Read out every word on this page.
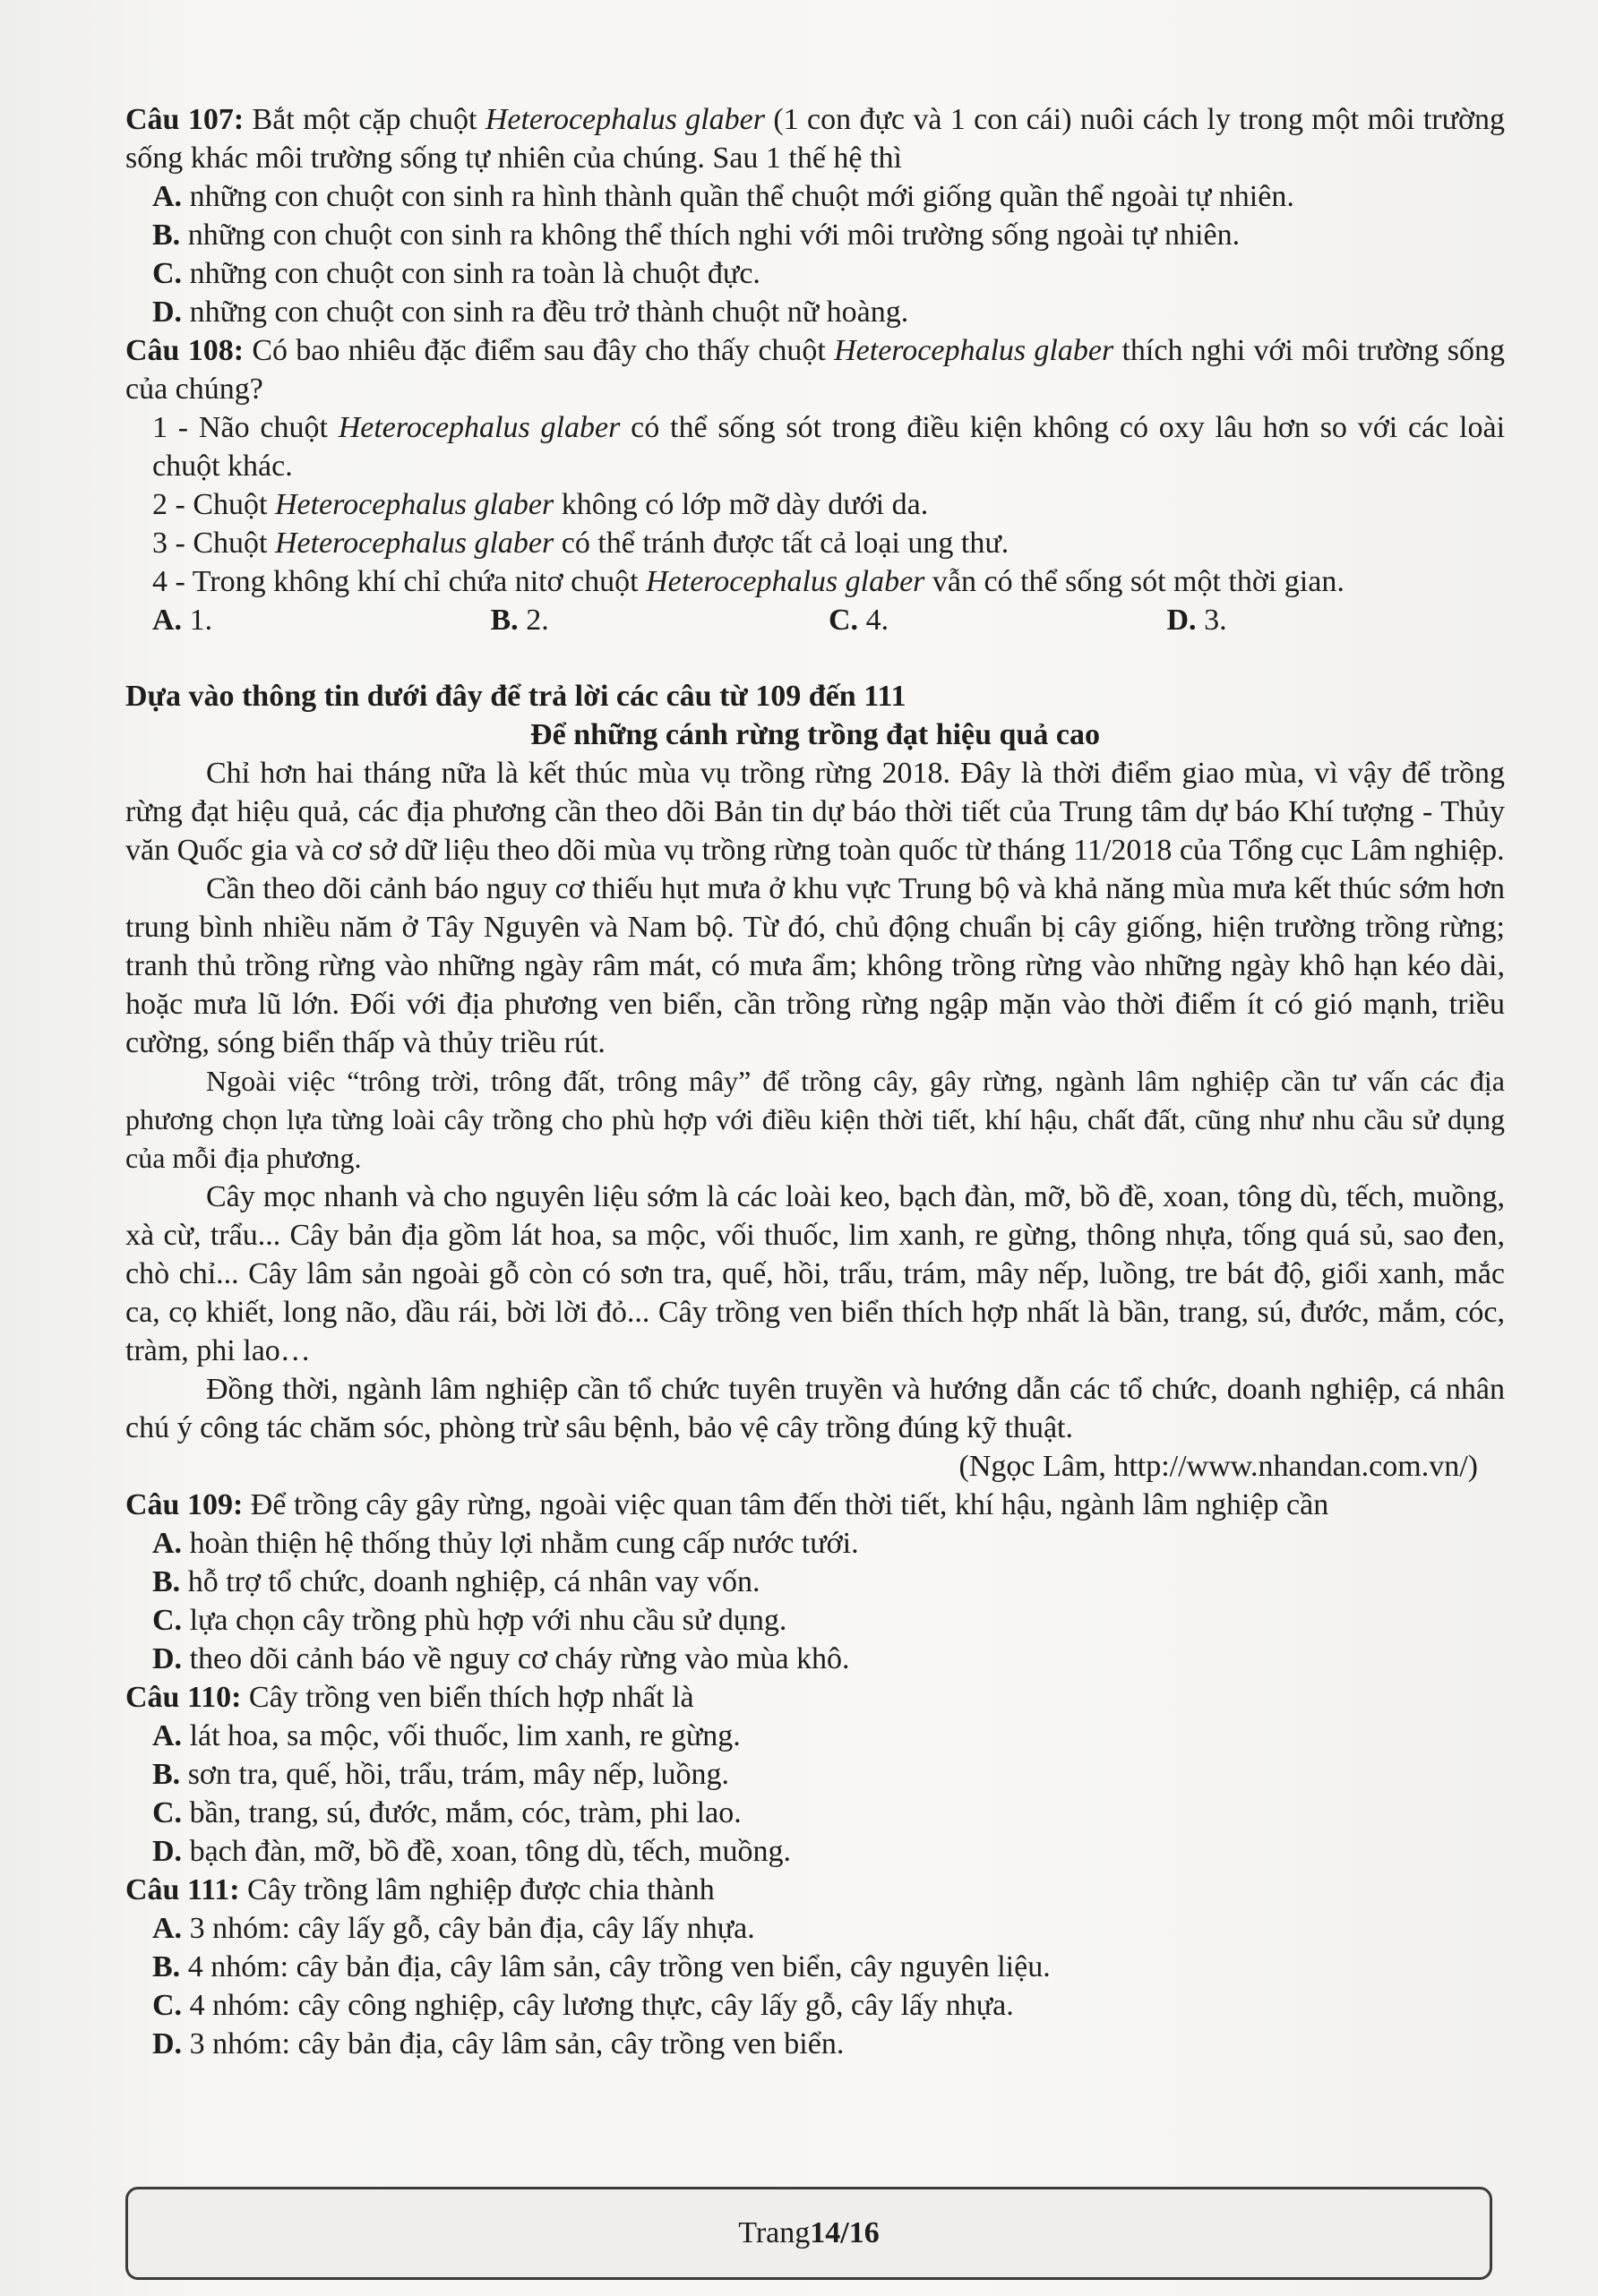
Câu 107: Bắt một cặp chuột Heterocephalus glaber (1 con đực và 1 con cái) nuôi cách ly trong một môi trường sống khác môi trường sống tự nhiên của chúng. Sau 1 thế hệ thì

A. những con chuột con sinh ra hình thành quần thể chuột mới giống quần thể ngoài tự nhiên.

B. những con chuột con sinh ra không thể thích nghi với môi trường sống ngoài tự nhiên.

C. những con chuột con sinh ra toàn là chuột đực.

D. những con chuột con sinh ra đều trở thành chuột nữ hoàng.

Câu 108: Có bao nhiêu đặc điểm sau đây cho thấy chuột Heterocephalus glaber thích nghi với môi trường sống của chúng?

1 - Não chuột Heterocephalus glaber có thể sống sót trong điều kiện không có oxy lâu hơn so với các loài chuột khác.

2 - Chuột Heterocephalus glaber không có lớp mỡ dày dưới da.

3 - Chuột Heterocephalus glaber có thể tránh được tất cả loại ung thư.

4 - Trong không khí chỉ chứa nitơ chuột Heterocephalus glaber vẫn có thể sống sót một thời gian.

A. 1.	B. 2.	C. 4.	D. 3.

Dựa vào thông tin dưới đây để trả lời các câu từ 109 đến 111

Để những cánh rừng trồng đạt hiệu quả cao

Chỉ hơn hai tháng nữa là kết thúc mùa vụ trồng rừng 2018. Đây là thời điểm giao mùa, vì vậy để trồng rừng đạt hiệu quả, các địa phương cần theo dõi Bản tin dự báo thời tiết của Trung tâm dự báo Khí tượng - Thủy văn Quốc gia và cơ sở dữ liệu theo dõi mùa vụ trồng rừng toàn quốc từ tháng 11/2018 của Tổng cục Lâm nghiệp.

Cần theo dõi cảnh báo nguy cơ thiếu hụt mưa ở khu vực Trung bộ và khả năng mùa mưa kết thúc sớm hơn trung bình nhiều năm ở Tây Nguyên và Nam bộ. Từ đó, chủ động chuẩn bị cây giống, hiện trường trồng rừng; tranh thủ trồng rừng vào những ngày râm mát, có mưa ẩm; không trồng rừng vào những ngày khô hạn kéo dài, hoặc mưa lũ lớn. Đối với địa phương ven biển, cần trồng rừng ngập mặn vào thời điểm ít có gió mạnh, triều cường, sóng biển thấp và thủy triều rút.

Ngoài việc “trông trời, trông đất, trông mây” để trồng cây, gây rừng, ngành lâm nghiệp cần tư vấn các địa phương chọn lựa từng loài cây trồng cho phù hợp với điều kiện thời tiết, khí hậu, chất đất, cũng như nhu cầu sử dụng của mỗi địa phương.

Cây mọc nhanh và cho nguyên liệu sớm là các loài keo, bạch đàn, mỡ, bồ đề, xoan, tông dù, tếch, muồng, xà cừ, trẩu... Cây bản địa gồm lát hoa, sa mộc, vối thuốc, lim xanh, re gừng, thông nhựa, tống quá sủ, sao đen, chò chỉ... Cây lâm sản ngoài gỗ còn có sơn tra, quế, hồi, trẩu, trám, mây nếp, luồng, tre bát độ, giổi xanh, mắc ca, cọ khiết, long não, dầu rái, bời lời đỏ... Cây trồng ven biển thích hợp nhất là bần, trang, sú, đước, mắm, cóc, tràm, phi lao…

Đồng thời, ngành lâm nghiệp cần tổ chức tuyên truyền và hướng dẫn các tổ chức, doanh nghiệp, cá nhân chú ý công tác chăm sóc, phòng trừ sâu bệnh, bảo vệ cây trồng đúng kỹ thuật.

(Ngọc Lâm, http://www.nhandan.com.vn/)

Câu 109: Để trồng cây gây rừng, ngoài việc quan tâm đến thời tiết, khí hậu, ngành lâm nghiệp cần

A. hoàn thiện hệ thống thủy lợi nhằm cung cấp nước tưới.

B. hỗ trợ tổ chức, doanh nghiệp, cá nhân vay vốn.

C. lựa chọn cây trồng phù hợp với nhu cầu sử dụng.

D. theo dõi cảnh báo về nguy cơ cháy rừng vào mùa khô.

Câu 110: Cây trồng ven biển thích hợp nhất là

A. lát hoa, sa mộc, vối thuốc, lim xanh, re gừng.

B. sơn tra, quế, hồi, trẩu, trám, mây nếp, luồng.

C. bần, trang, sú, đước, mắm, cóc, tràm, phi lao.

D. bạch đàn, mỡ, bồ đề, xoan, tông dù, tếch, muồng.

Câu 111: Cây trồng lâm nghiệp được chia thành

A. 3 nhóm: cây lấy gỗ, cây bản địa, cây lấy nhựa.

B. 4 nhóm: cây bản địa, cây lâm sản, cây trồng ven biển, cây nguyên liệu.

C. 4 nhóm: cây công nghiệp, cây lương thực, cây lấy gỗ, cây lấy nhựa.

D. 3 nhóm: cây bản địa, cây lâm sản, cây trồng ven biển.

Trang 14/16
